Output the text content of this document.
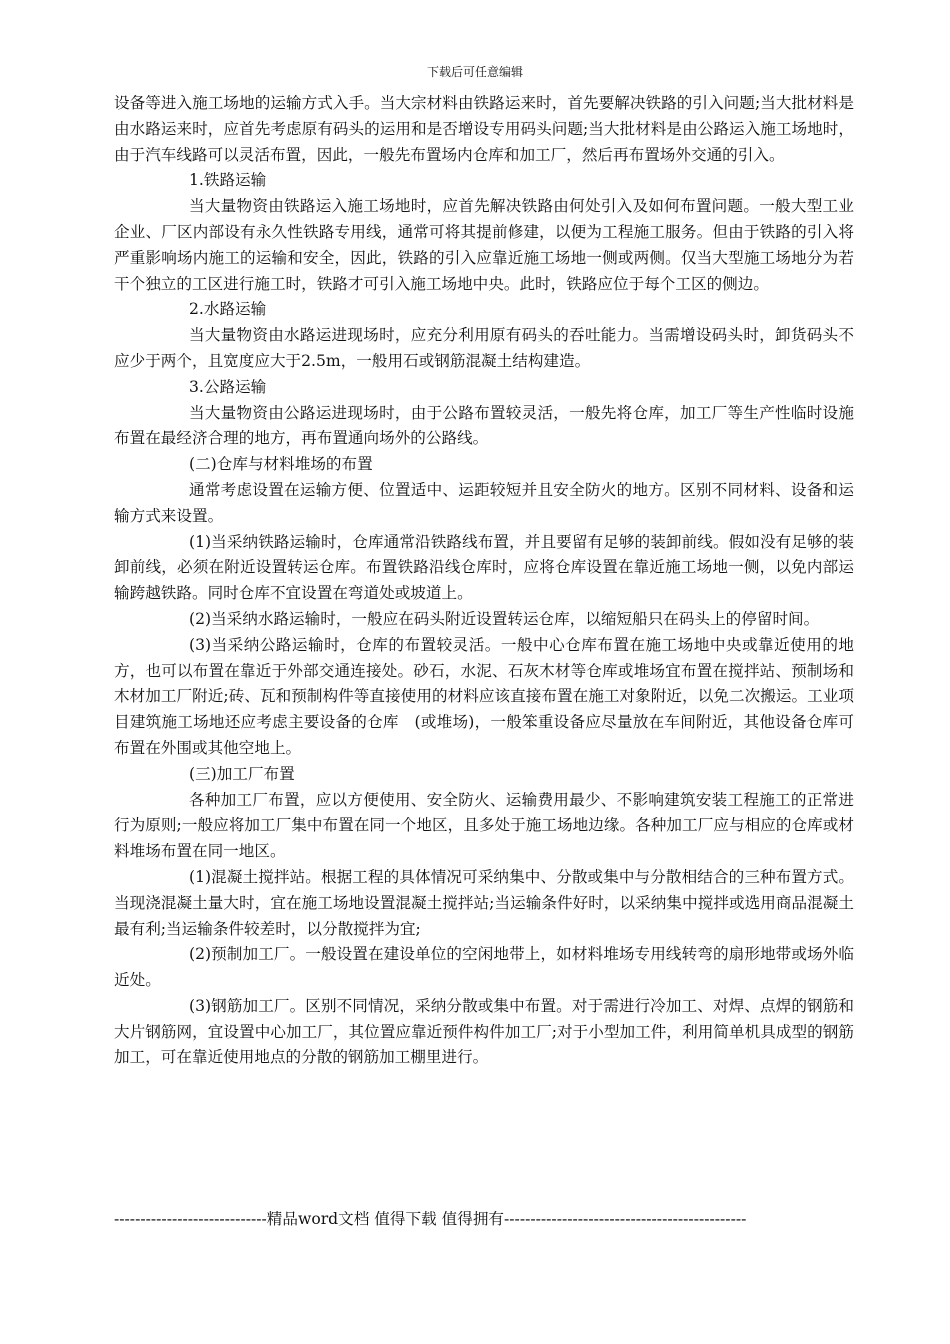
下载后可任意编辑

设备等进入施工场地的运输方式入手。当大宗材料由铁路运来时，首先要解决铁路的引入问题;当大批材料是由水路运来时，应首先考虑原有码头的运用和是否增设专用码头问题;当大批材料是由公路运入施工场地时，由于汽车线路可以灵活布置，因此，一般先布置场内仓库和加工厂，然后再布置场外交通的引入。

1.铁路运输

当大量物资由铁路运入施工场地时，应首先解决铁路由何处引入及如何布置问题。一般大型工业企业、厂区内部设有永久性铁路专用线，通常可将其提前修建，以便为工程施工服务。但由于铁路的引入将严重影响场内施工的运输和安全，因此，铁路的引入应靠近施工场地一侧或两侧。仅当大型施工场地分为若干个独立的工区进行施工时，铁路才可引入施工场地中央。此时，铁路应位于每个工区的侧边。

2.水路运输

当大量物资由水路运进现场时，应充分利用原有码头的吞吐能力。当需增设码头时，卸货码头不应少于两个，且宽度应大于2.5m，一般用石或钢筋混凝土结构建造。

3.公路运输

当大量物资由公路运进现场时，由于公路布置较灵活，一般先将仓库，加工厂等生产性临时设施布置在最经济合理的地方，再布置通向场外的公路线。

(二)仓库与材料堆场的布置

通常考虑设置在运输方便、位置适中、运距较短并且安全防火的地方。区别不同材料、设备和运输方式来设置。

(1)当采纳铁路运输时，仓库通常沿铁路线布置，并且要留有足够的装卸前线。假如没有足够的装卸前线，必须在附近设置转运仓库。布置铁路沿线仓库时，应将仓库设置在靠近施工场地一侧，以免内部运输跨越铁路。同时仓库不宜设置在弯道处或坡道上。

(2)当采纳水路运输时，一般应在码头附近设置转运仓库，以缩短船只在码头上的停留时间。

(3)当采纳公路运输时，仓库的布置较灵活。一般中心仓库布置在施工场地中央或靠近使用的地方，也可以布置在靠近于外部交通连接处。砂石，水泥、石灰木材等仓库或堆场宜布置在搅拌站、预制场和木材加工厂附近;砖、瓦和预制构件等直接使用的材料应该直接布置在施工对象附近，以免二次搬运。工业项目建筑施工场地还应考虑主要设备的仓库　(或堆场)，一般笨重设备应尽量放在车间附近，其他设备仓库可布置在外围或其他空地上。

(三)加工厂布置

各种加工厂布置，应以方便使用、安全防火、运输费用最少、不影响建筑安装工程施工的正常进行为原则;一般应将加工厂集中布置在同一个地区，且多处于施工场地边缘。各种加工厂应与相应的仓库或材料堆场布置在同一地区。

(1)混凝土搅拌站。根据工程的具体情况可采纳集中、分散或集中与分散相结合的三种布置方式。当现浇混凝土量大时，宜在施工场地设置混凝土搅拌站;当运输条件好时，以采纳集中搅拌或选用商品混凝土最有利;当运输条件较差时，以分散搅拌为宜;

(2)预制加工厂。一般设置在建设单位的空闲地带上，如材料堆场专用线转弯的扇形地带或场外临近处。

(3)钢筋加工厂。区别不同情况，采纳分散或集中布置。对于需进行冷加工、对焊、点焊的钢筋和大片钢筋网，宜设置中心加工厂，其位置应靠近预件构件加工厂;对于小型加工件，利用简单机具成型的钢筋加工，可在靠近使用地点的分散的钢筋加工棚里进行。

-----------------------------精品word文档 值得下载 值得拥有----------------------------------------------
